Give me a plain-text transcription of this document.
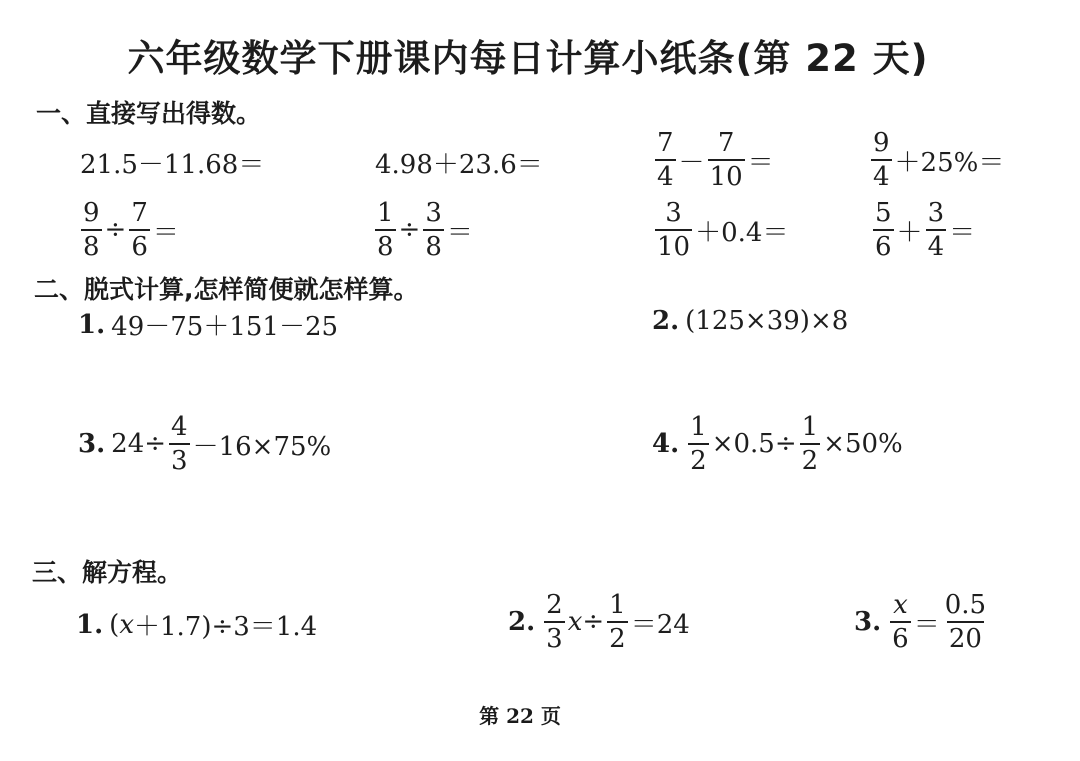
六年级数学下册课内每日计算小纸条(第 22 天)
一、直接写出得数。
21.5－11.68＝	4.98＋23.6＝	$\frac{7}{4} - \frac{7}{10}$ ＝	$\frac{9}{4} +25\%=$
$\frac{9}{8} \div \frac{7}{6}$ ＝	$\frac{1}{8} \div \frac{3}{8}$ ＝	$\frac{3}{10} +0.4=$	$\frac{5}{6} + \frac{3}{4}$ ＝
二、脱式计算,怎样简便就怎样算。
1. 49－75＋151－25	2. (125×39)×8
3. $24\div \frac{4}{3} -16\times 75\%$	4. $\frac{1}{2} \times 0.5\div \frac{1}{2} \times 50\%$
三、解方程。
1. ( x ＋1.7)÷3＝1.4	2. $\frac{2}{3}$ $x \div \frac{1}{2} =24$	3. $\frac{x}{6} = \frac{0.5}{20}$
第 22 页
